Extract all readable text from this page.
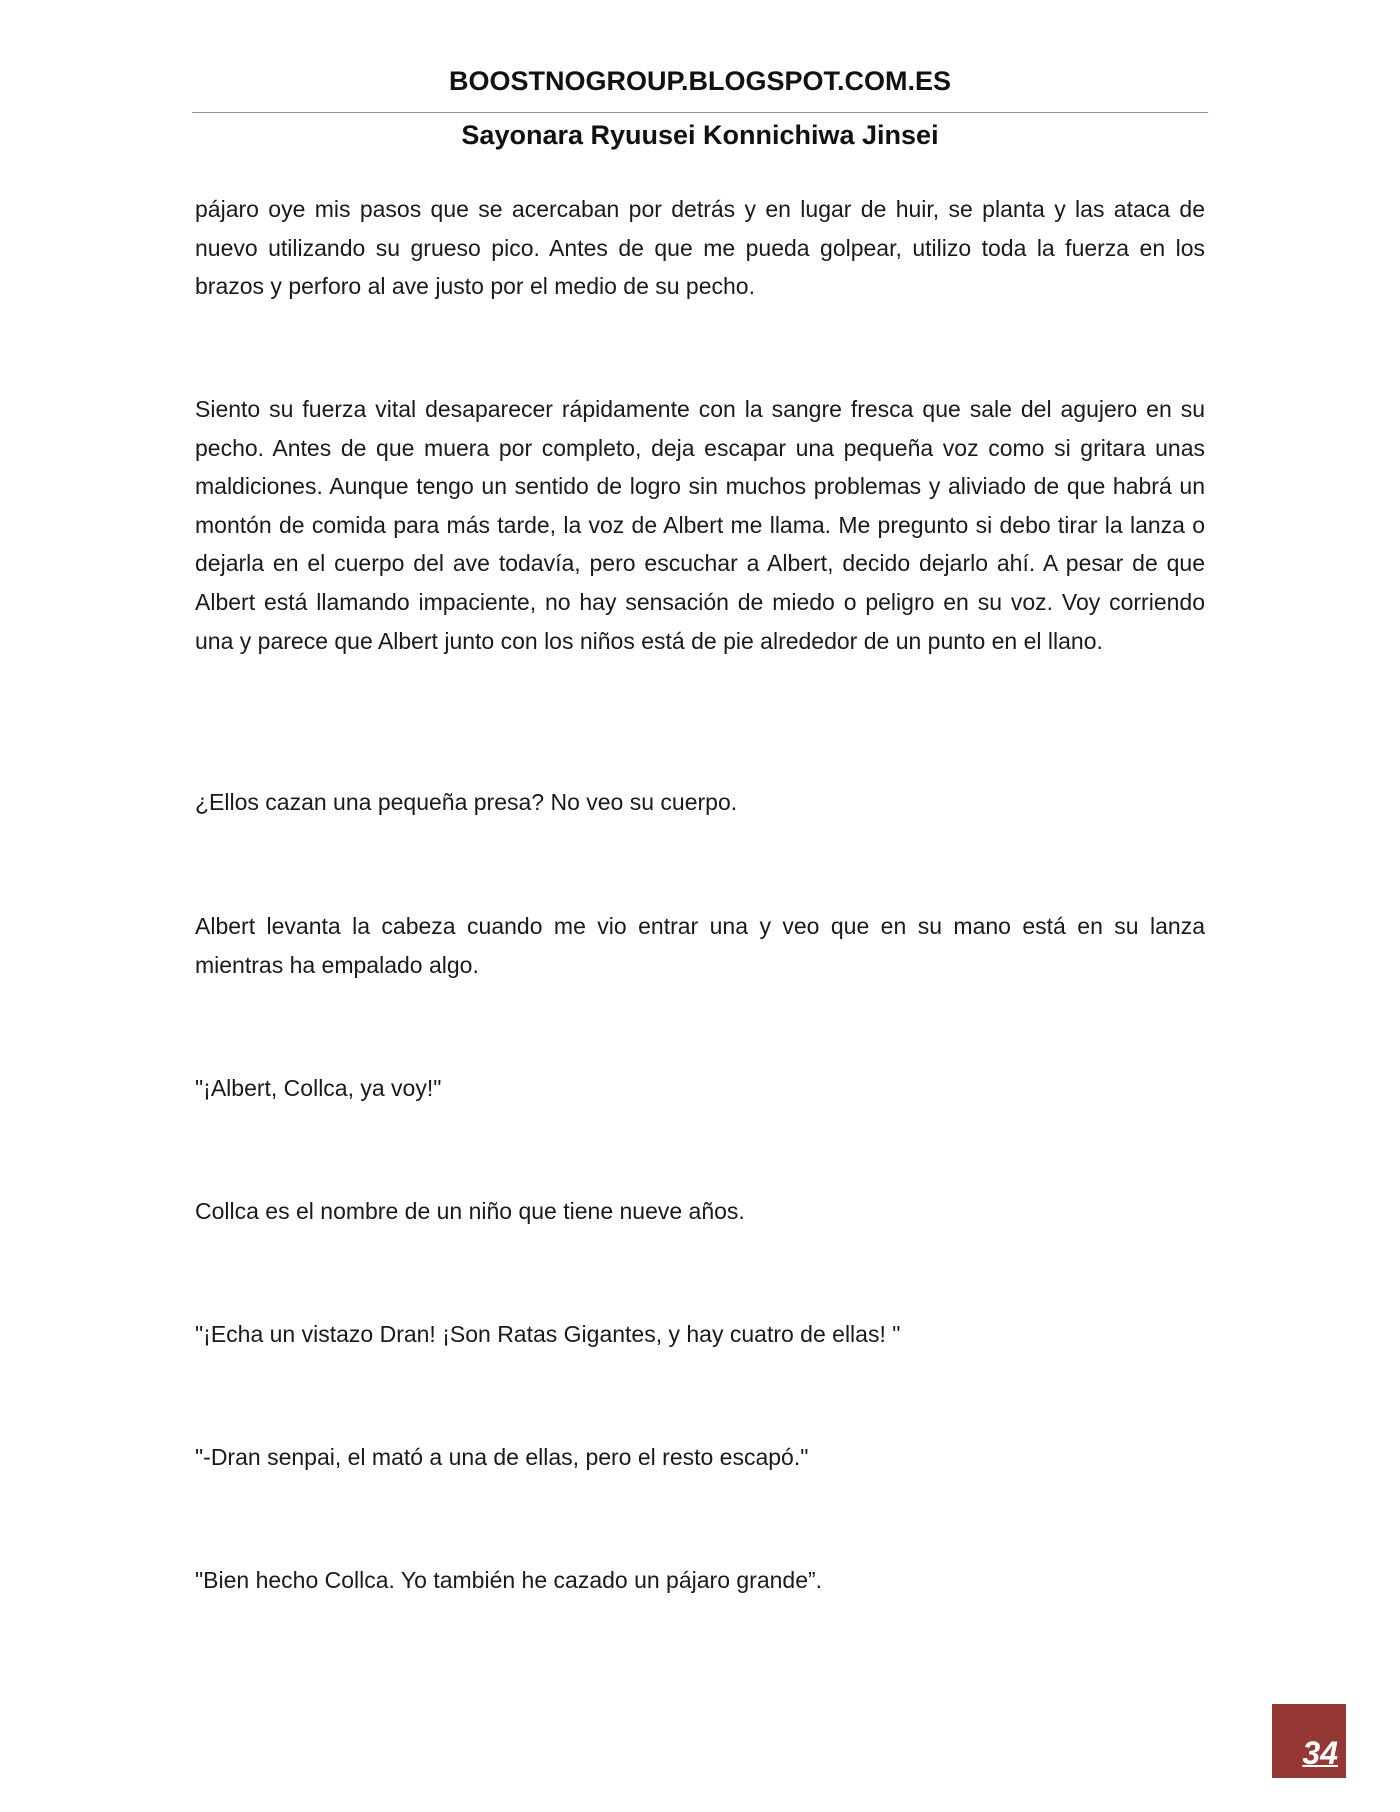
BOOSTNOGROUP.BLOGSPOT.COM.ES
Sayonara Ryuusei Konnichiwa Jinsei

pájaro oye mis pasos que se acercaban por detrás y en lugar de huir, se planta y las ataca de nuevo utilizando su grueso pico. Antes de que me pueda golpear, utilizo toda la fuerza en los brazos y perforo al ave justo por el medio de su pecho.

Siento su fuerza vital desaparecer rápidamente con la sangre fresca que sale del agujero en su pecho. Antes de que muera por completo, deja escapar una pequeña voz como si gritara unas maldiciones. Aunque tengo un sentido de logro sin muchos problemas y aliviado de que habrá un montón de comida para más tarde, la voz de Albert me llama. Me pregunto si debo tirar la lanza o dejarla en el cuerpo del ave todavía, pero escuchar a Albert, decido dejarlo ahí. A pesar de que Albert está llamando impaciente, no hay sensación de miedo o peligro en su voz. Voy corriendo una y parece que Albert junto con los niños está de pie alrededor de un punto en el llano.

¿Ellos cazan una pequeña presa? No veo su cuerpo.

Albert levanta la cabeza cuando me vio entrar una y veo que en su mano está en su lanza mientras ha empalado algo.

"¡Albert, Collca, ya voy!"

Collca es el nombre de un niño que tiene nueve años.

"¡Echa un vistazo Dran! ¡Son Ratas Gigantes, y hay cuatro de ellas! "

"-Dran senpai, el mató a una de ellas, pero el resto escapó."

"Bien hecho Collca. Yo también he cazado un pájaro grande”.

34
